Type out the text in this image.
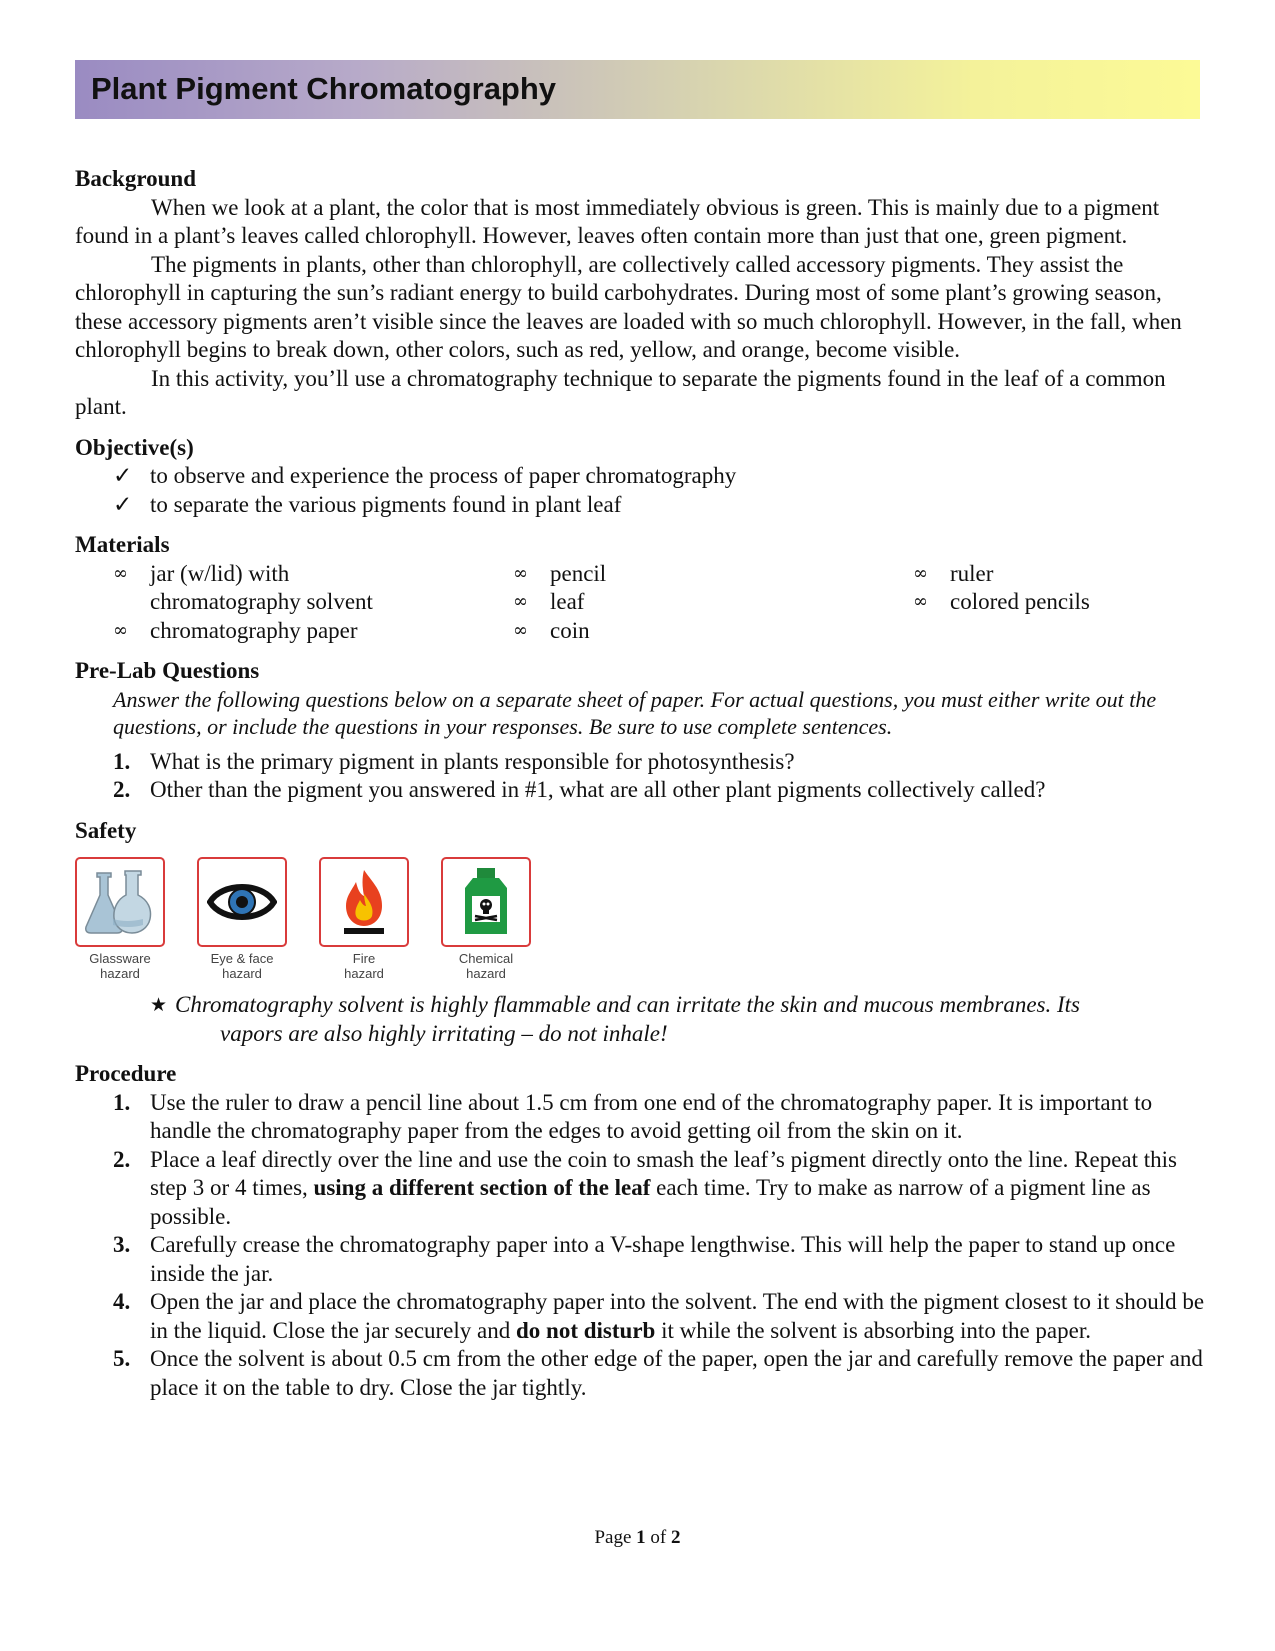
Plant Pigment Chromatography
Background

When we look at a plant, the color that is most immediately obvious is green. This is mainly due to a pigment found in a plant’s leaves called chlorophyll. However, leaves often contain more than just that one, green pigment.

The pigments in plants, other than chlorophyll, are collectively called accessory pigments. They assist the chlorophyll in capturing the sun’s radiant energy to build carbohydrates. During most of some plant’s growing season, these accessory pigments aren’t visible since the leaves are loaded with so much chlorophyll. However, in the fall, when chlorophyll begins to break down, other colors, such as red, yellow, and orange, become visible.

In this activity, you’ll use a chromatography technique to separate the pigments found in the leaf of a common plant.

Objective(s)
✓ to observe and experience the process of paper chromatography
✓ to separate the various pigments found in plant leaf
Materials
∞ jar (w/lid) with chromatography solvent
∞ chromatography paper
∞ pencil
∞ leaf
∞ coin
∞ ruler
∞ colored pencils
Pre-Lab Questions

Answer the following questions below on a separate sheet of paper. For actual questions, you must either write out the questions, or include the questions in your responses. Be sure to use complete sentences.

1. What is the primary pigment in plants responsible for photosynthesis?
2. Other than the pigment you answered in #1, what are all other plant pigments collectively called?
Safety
Glassware
hazard
Eye & face
hazard
Fire
hazard
Chemical
hazard
★ Chromatography solvent is highly flammable and can irritate the skin and mucous membranes. Its
vapors are also highly irritating – do not inhale!
Procedure
1. Use the ruler to draw a pencil line about 1.5 cm from one end of the chromatography paper. It is important to handle the chromatography paper from the edges to avoid getting oil from the skin on it.
2. Place a leaf directly over the line and use the coin to smash the leaf’s pigment directly onto the line. Repeat this step 3 or 4 times, using a different section of the leaf each time. Try to make as narrow of a pigment line as possible.
3. Carefully crease the chromatography paper into a V-shape lengthwise. This will help the paper to stand up once inside the jar.
4. Open the jar and place the chromatography paper into the solvent. The end with the pigment closest to it should be in the liquid. Close the jar securely and do not disturb it while the solvent is absorbing into the paper.
5. Once the solvent is about 0.5 cm from the other edge of the paper, open the jar and carefully remove the paper and place it on the table to dry. Close the jar tightly.
Page 1 of 2
